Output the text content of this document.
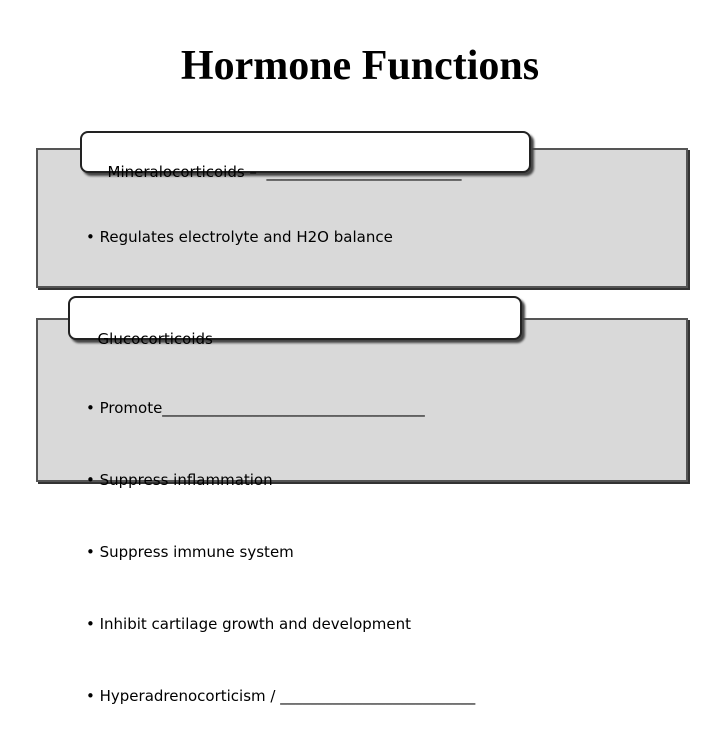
Hormone Functions

Mineralocorticoids –  __________________________

• Regulates electrolyte and H2O balance

Glucocorticoids

• Promote___________________________________

• Suppress inflammation

• Suppress immune system

• Inhibit cartilage growth and development

• Hyperadrenocorticism / __________________________
